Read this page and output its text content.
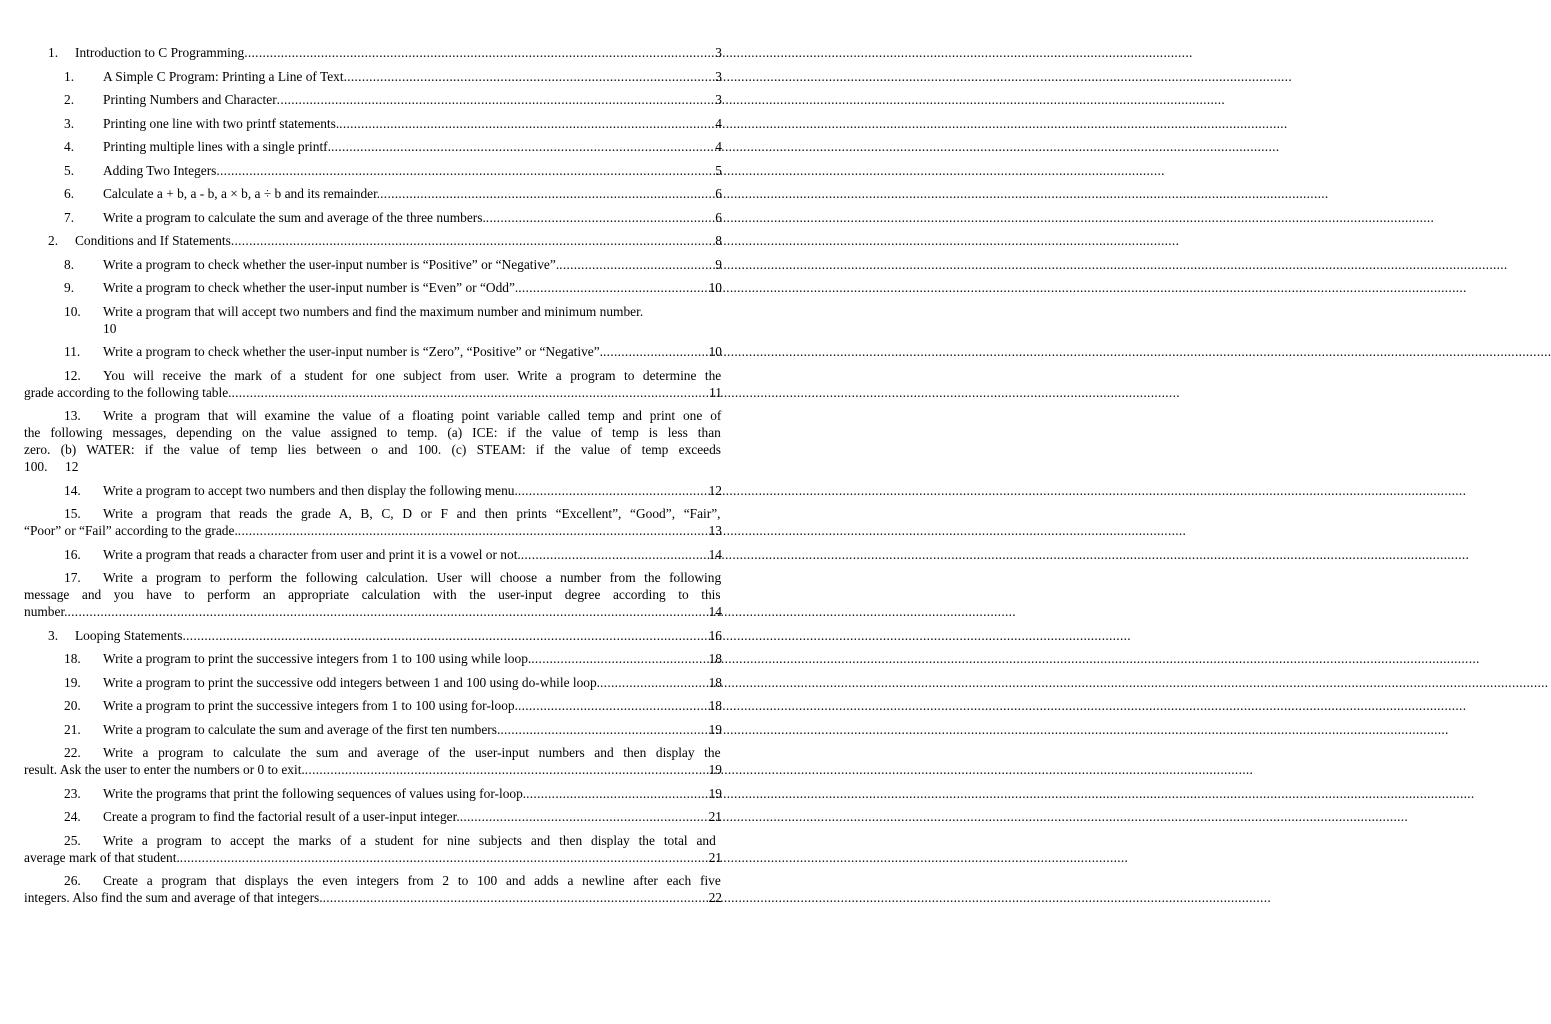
1.	Introduction to C Programming .....	3
1.	A Simple C Program: Printing a Line of Text .....	3
2.	Printing Numbers and Character .....	3
3.	Printing one line with two printf statements. .....	4
4.	Printing multiple lines with a single printf. .....	4
5.	Adding Two Integers .....	5
6.	Calculate a + b, a - b, a × b, a ÷ b and its remainder. .....	6
7.	Write a program to calculate the sum and average of the three numbers. .....	6
2.	Conditions and If Statements .....	8
8.	Write a program to check whether the user-input number is “Positive” or “Negative”. .....	9
9.	Write a program to check whether the user-input number is “Even” or “Odd”. .....	10
10.	Write a program that will accept two numbers and find the maximum number and minimum number.
10
11.	Write a program to check whether the user-input number is “Zero”, “Positive” or “Negative”. .....	10
12. You will receive the mark of a student for one subject from user. Write a program to determine the
grade according to the following table. .....	11
13. Write a program that will examine the value of a floating point variable called temp and print one of
the following messages, depending on the value assigned to temp. (a) ICE: if the value of temp is less than
zero. (b) WATER: if the value of temp lies between o and 100. (c) STEAM: if the value of temp exceeds
100.	12
14.	Write a program to accept two numbers and then display the following menu. .....	12
15. Write a program that reads the grade A, B, C, D or F and then prints “Excellent”, “Good”, “Fair”,
“Poor” or “Fail” according to the grade. .....	13
16.	Write a program that reads a character from user and print it is a vowel or not. .....	14
17. Write a program to perform the following calculation. User will choose a number from the following
message and you have to perform an appropriate calculation with the user-input degree according to this
number. .....	14
3.	Looping Statements .....	16
18.	Write a program to print the successive integers from 1 to 100 using while loop. .....	18
19.	Write a program to print the successive odd integers between 1 and 100 using do-while loop. .....	18
20.	Write a program to print the successive integers from 1 to 100 using for-loop. .....	18
21.	Write a program to calculate the sum and average of the first ten numbers. .....	19
22. Write a program to calculate the sum and average of the user-input numbers and then display the
result. Ask the user to enter the numbers or 0 to exit. .....	19
23.	Write the programs that print the following sequences of values using for-loop. .....	19
24.	Create a program to find the factorial result of a user-input integer. .....	21
25. Write a program to accept the marks of a student for nine subjects and then display the total and
average mark of that student. .....	21
26. Create a program that displays the even integers from 2 to 100 and adds a newline after each five
integers. Also find the sum and average of that integers. .....	22
